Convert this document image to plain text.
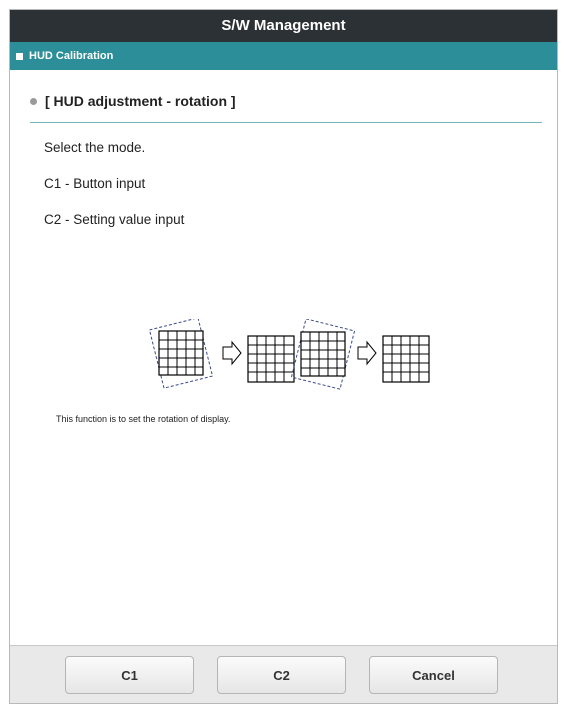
S/W Management
HUD Calibration
[ HUD adjustment - rotation ]
Select the mode.
C1 - Button input
C2 - Setting value input
This function is to set the rotation of display.
C1	C2	Cancel
